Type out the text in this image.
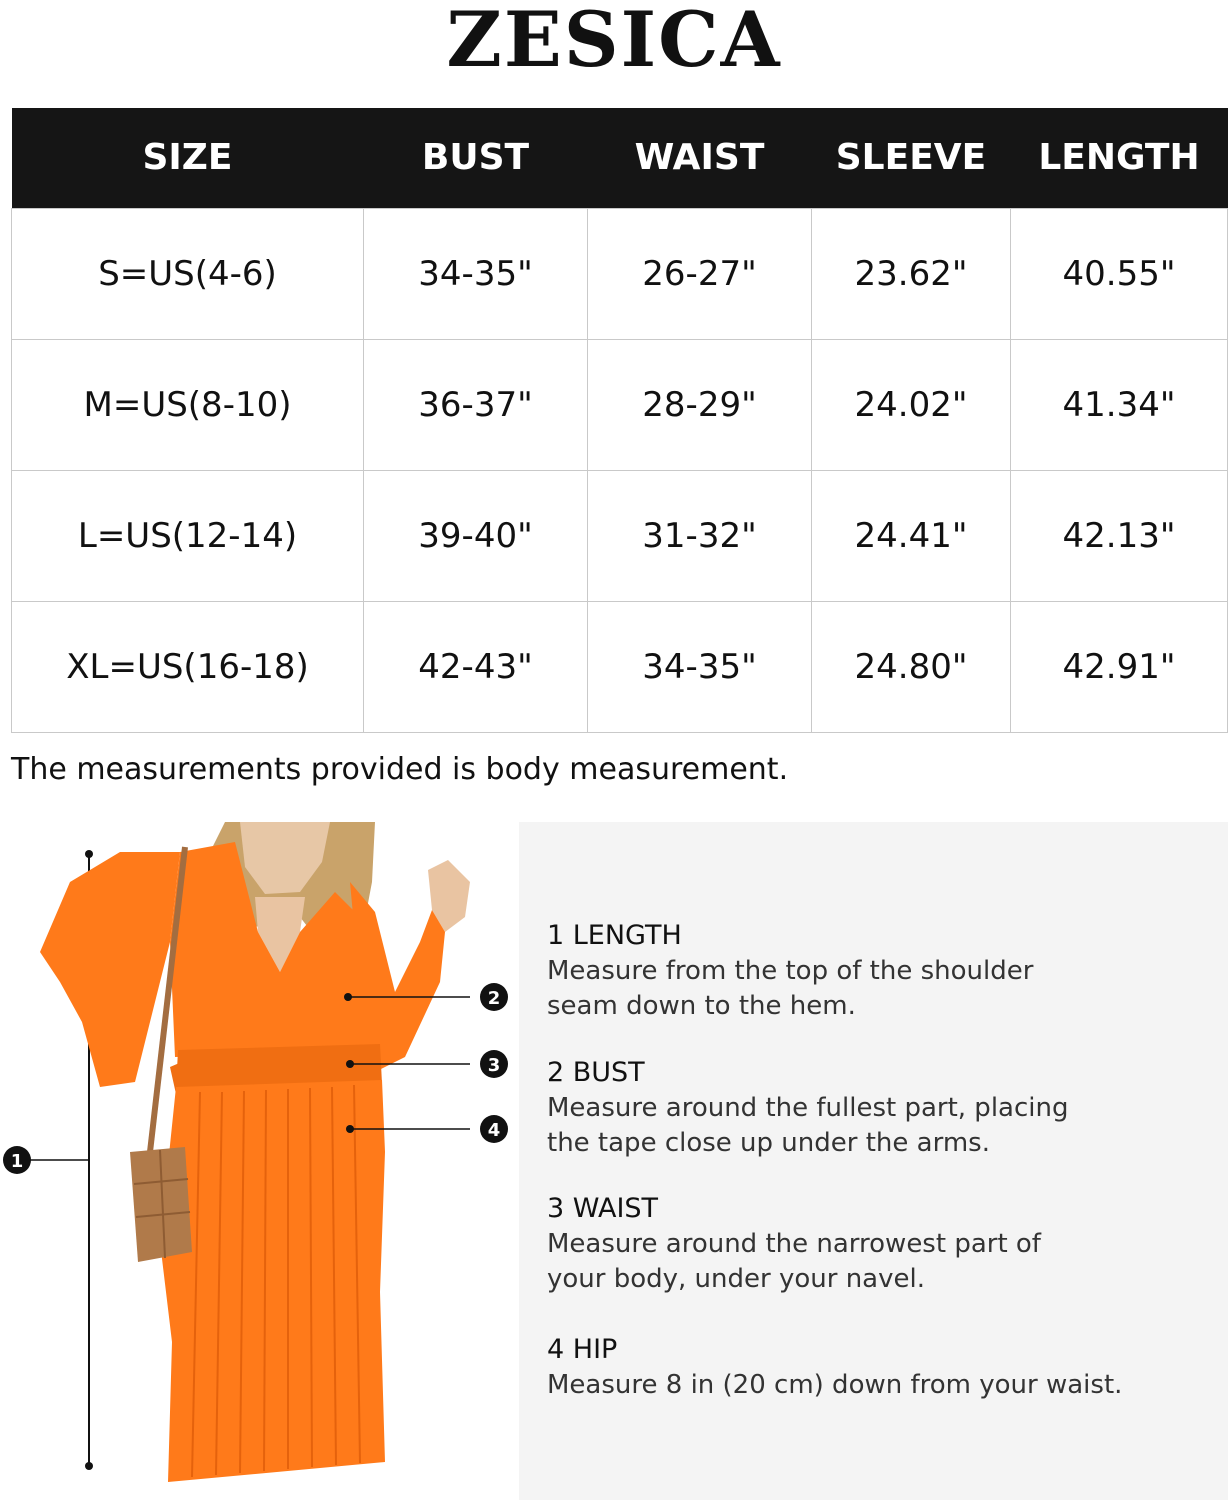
ZESICA
SIZE	BUST	WAIST	SLEEVE	LENGTH
S=US(4-6)	34-35"	26-27"	23.62"	40.55"
M=US(8-10)	36-37"	28-29"	24.02"	41.34"
L=US(12-14)	39-40"	31-32"	24.41"	42.13"
XL=US(16-18)	42-43"	34-35"	24.80"	42.91"
The measurements provided is body measurement.
1
2
3
4
1 LENGTH
Measure from the top of the shoulder
seam down to the hem.
2 BUST
Measure around the fullest part, placing
the tape close up under the arms.
3 WAIST
Measure around the narrowest part of
your body, under your navel.
4 HIP
Measure 8 in (20 cm) down from your waist.
